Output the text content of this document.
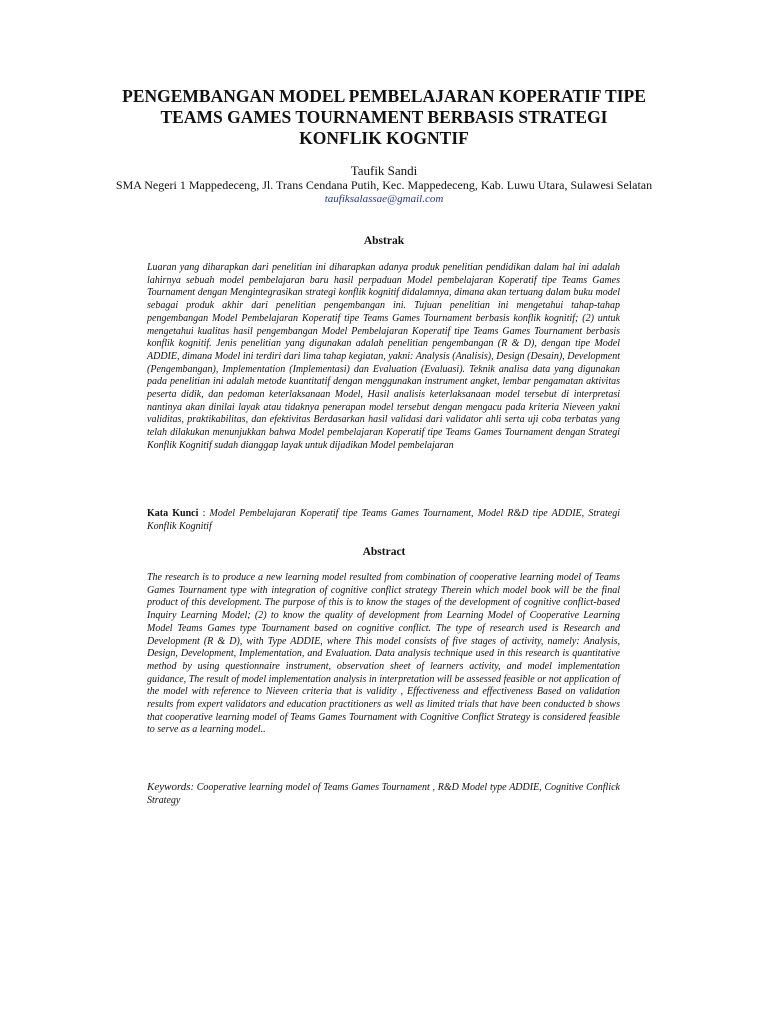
PENGEMBANGAN MODEL PEMBELAJARAN KOPERATIF TIPE
TEAMS GAMES TOURNAMENT BERBASIS STRATEGI
KONFLIK KOGNTIF

Taufik Sandi

SMA Negeri 1 Mappedeceng, Jl. Trans Cendana Putih, Kec. Mappedeceng, Kab. Luwu Utara, Sulawesi Selatan

taufiksalassae@gmail.com

Abstrak

Luaran yang diharapkan dari penelitian ini diharapkan adanya produk penelitian pendidikan dalam hal ini adalah lahirnya sebuah model pembelajaran baru hasil perpaduan Model pembelajaran Koperatif tipe Teams Games Tournament dengan Mengintegrasikan strategi konflik kognitif didalamnya, dimana akan tertuang dalam buku model sebagai produk akhir dari penelitian pengembangan ini. Tujuan penelitian ini mengetahui tahap-tahap pengembangan Model Pembelajaran Koperatif tipe Teams Games Tournament berbasis konflik kognitif; (2) untuk mengetahui kualitas hasil pengembangan Model Pembelajaran Koperatif tipe Teams Games Tournament berbasis konflik kognitif. Jenis penelitian yang digunakan adalah penelitian pengembangan (R & D), dengan tipe Model ADDIE, dimana Model ini terdiri dari lima tahap kegiatan, yakni: Analysis (Analisis), Design (Desain), Development (Pengembangan), Implementation (Implementasi) dan Evaluation (Evaluasi). Teknik analisa data yang digunakan pada penelitian ini adalah metode kuantitatif dengan menggunakan instrument angket, lembar pengamatan aktivitas peserta didik, dan pedoman keterlaksanaan Model, Hasil analisis keterlaksanaan model tersebut di interpretasi nantinya akan dinilai layak atau tidaknya penerapan model tersebut dengan mengacu pada kriteria Nieveen yakni validitas, praktikabilitas, dan efektivitas Berdasarkan hasil validasi dari validator ahli serta uji coba terbatas yang telah dilakukan menunjukkan bahwa Model pembelajaran Koperatif tipe Teams Games Tournament dengan Strategi Konflik Kognitif sudah dianggap layak untuk dijadikan Model pembelajaran

Kata Kunci : Model Pembelajaran Koperatif tipe Teams Games Tournament, Model R&D tipe ADDIE, Strategi Konflik Kognitif

Abstract

The research is to produce a new learning model resulted from combination of cooperative learning model of Teams Games Tournament type with integration of cognitive conflict strategy Therein which model book will be the final product of this development. The purpose of this is to know the stages of the development of cognitive conflict-based Inquiry Learning Model; (2) to know the quality of development from Learning Model of Cooperative Learning Model Teams Games type Tournament based on cognitive conflict. The type of research used is Research and Development (R & D), with Type ADDIE, where This model consists of five stages of activity, namely: Analysis, Design, Development, Implementation, and Evaluation. Data analysis technique used in this research is quantitative method by using questionnaire instrument, observation sheet of learners activity, and model implementation guidance, The result of model implementation analysis in interpretation will be assessed feasible or not application of the model with reference to Nieveen criteria that is validity , Effectiveness and effectiveness Based on validation results from expert validators and education practitioners as well as limited trials that have been conducted b shows that cooperative learning model of Teams Games Tournament with Cognitive Conflict Strategy is considered feasible to serve as a learning model..

Keywords: Cooperative learning model of Teams Games Tournament , R&D Model type ADDIE, Cognitive Conflick Strategy
